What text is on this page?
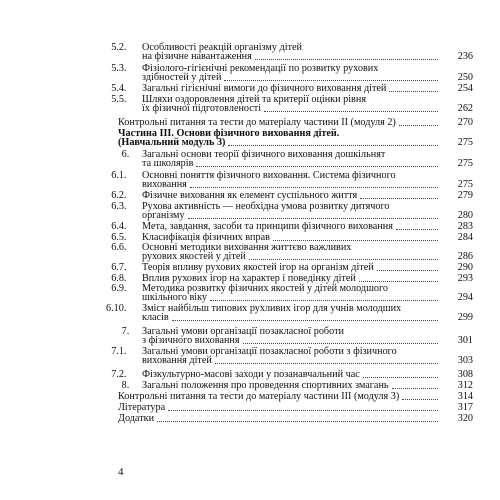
5.2. Особливості реакцій організму дітей
на фізичне навантаження	236
5.3. Фізіолого-гігієнічні рекомендації по розвитку рухових
здібностей у дітей	250
5.4. Загальні гігієнічні вимоги до фізичного виховання дітей	254
5.5. Шляхи оздоровлення дітей та критерії оцінки рівня
їх фізичної підготовленості	262
Контрольні питання та тести до матеріалу частини II (модуля 2)	270
Частина III. Основи фізичного виховання дітей.
(Навчальний модуль 3)	275
6. Загальні основи теорії фізичного виховання дошкільнят
та школярів	275
6.1. Основні поняття фізичного виховання. Система фізичного
виховання	275
6.2. Фізичне виховання як елемент суспільного життя	279
6.3. Рухова активність — необхідна умова розвитку дитячого
організму	280
6.4. Мета, завдання, засоби та принципи фізичного виховання	283
6.5. Класифікація фізичних вправ	284
6.6. Основні методики виховання життєво важливих
рухових якостей у дітей	286
6.7. Теорія впливу рухових якостей ігор на організм дітей	290
6.8. Вплив рухових ігор на характер і поведінку дітей	293
6.9. Методика розвитку фізичних якостей у дітей молодшого
шкільного віку	294
6.10. Зміст найбільш типових рухливих ігор для учнів молодших
класів	299
7. Загальні умови організації позакласної роботи
з фізичного виховання	301
7.1. Загальні умови організації позакласної роботи з фізичного
виховання дітей	303
7.2. Фізкультурно-масові заходи у позанавчальний час	308
8. Загальні положення про проведення спортивних змагань	312
Контрольні питання та тести до матеріалу частини III (модуля 3)	314
Література	317
Додатки	320
4
